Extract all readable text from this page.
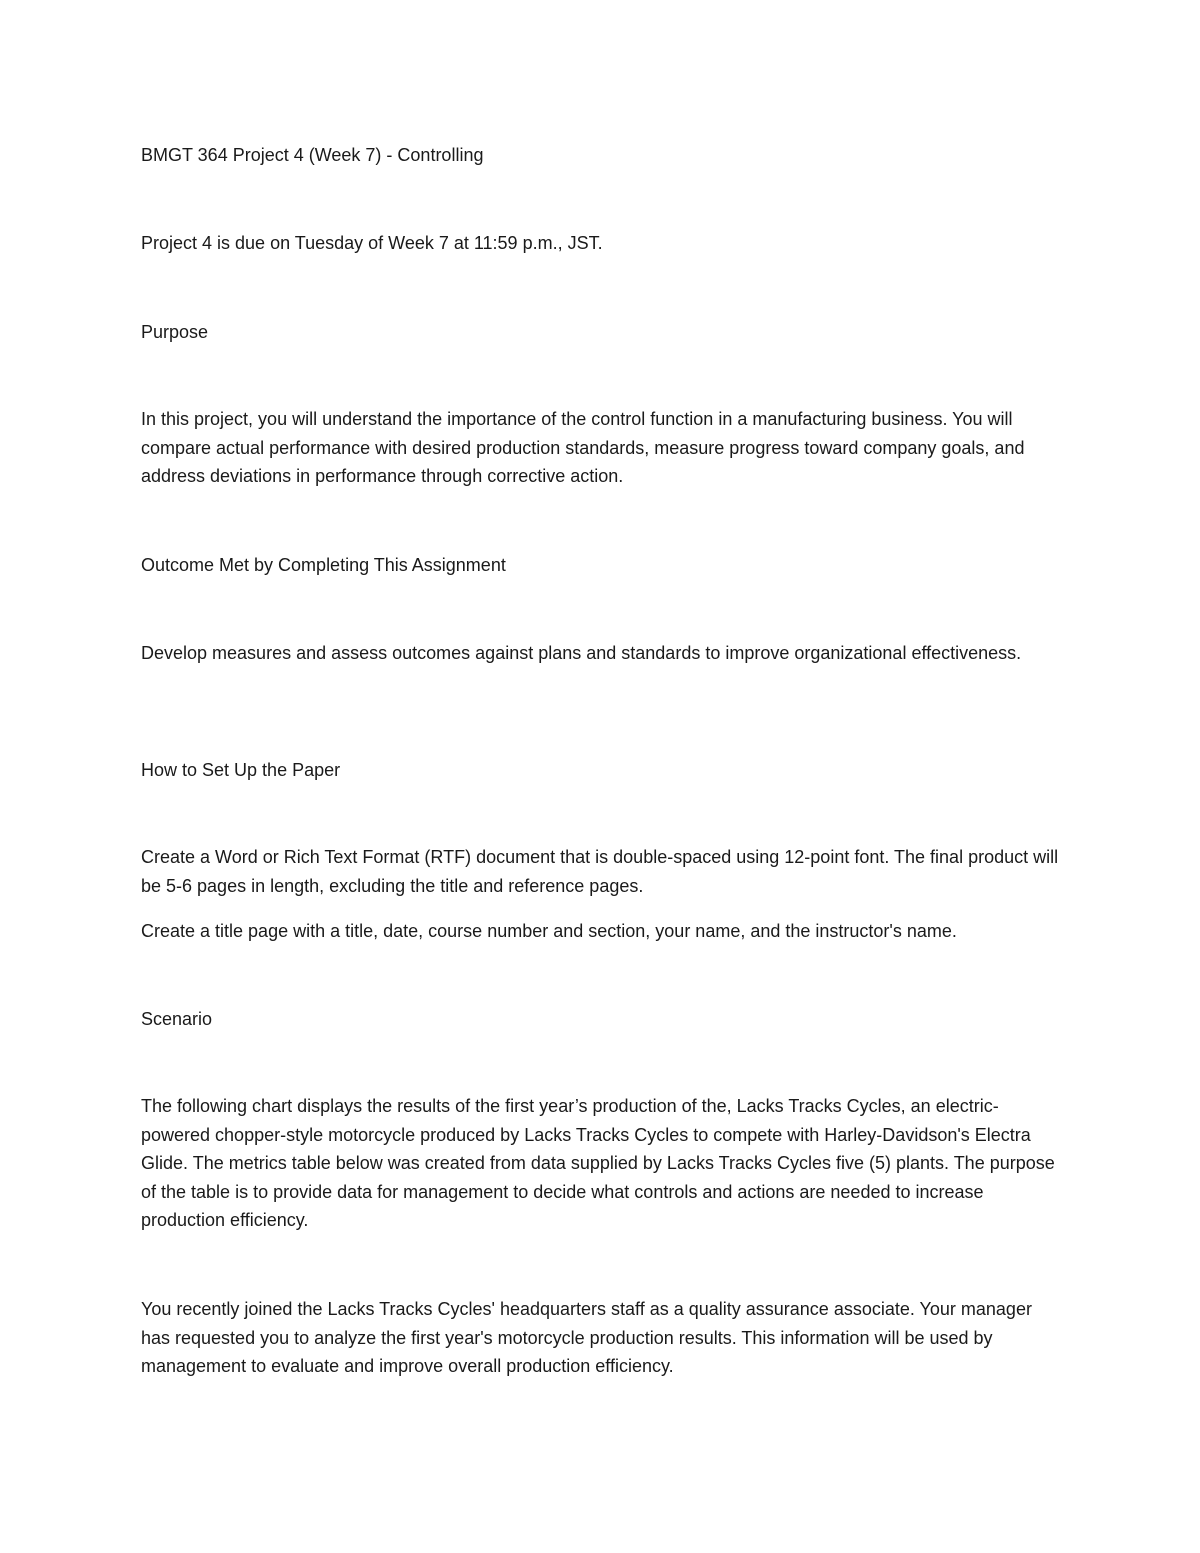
BMGT 364 Project 4 (Week 7) - Controlling

Project 4 is due on Tuesday of Week 7 at 11:59 p.m., JST.

Purpose

In this project, you will understand the importance of the control function in a manufacturing business. You will compare actual performance with desired production standards, measure progress toward company goals, and address deviations in performance through corrective action.

Outcome Met by Completing This Assignment

Develop measures and assess outcomes against plans and standards to improve organizational effectiveness.

How to Set Up the Paper

Create a Word or Rich Text Format (RTF) document that is double-spaced using 12-point font. The final product will be 5-6 pages in length, excluding the title and reference pages.

Create a title page with a title, date, course number and section, your name, and the instructor's name.

Scenario

The following chart displays the results of the first year’s production of the, Lacks Tracks Cycles, an electric-powered chopper-style motorcycle produced by Lacks Tracks Cycles to compete with Harley-Davidson's Electra Glide. The metrics table below was created from data supplied by Lacks Tracks Cycles five (5) plants. The purpose of the table is to provide data for management to decide what controls and actions are needed to increase production efficiency.

You recently joined the Lacks Tracks Cycles' headquarters staff as a quality assurance associate. Your manager has requested you to analyze the first year's motorcycle production results. This information will be used by management to evaluate and improve overall production efficiency.
